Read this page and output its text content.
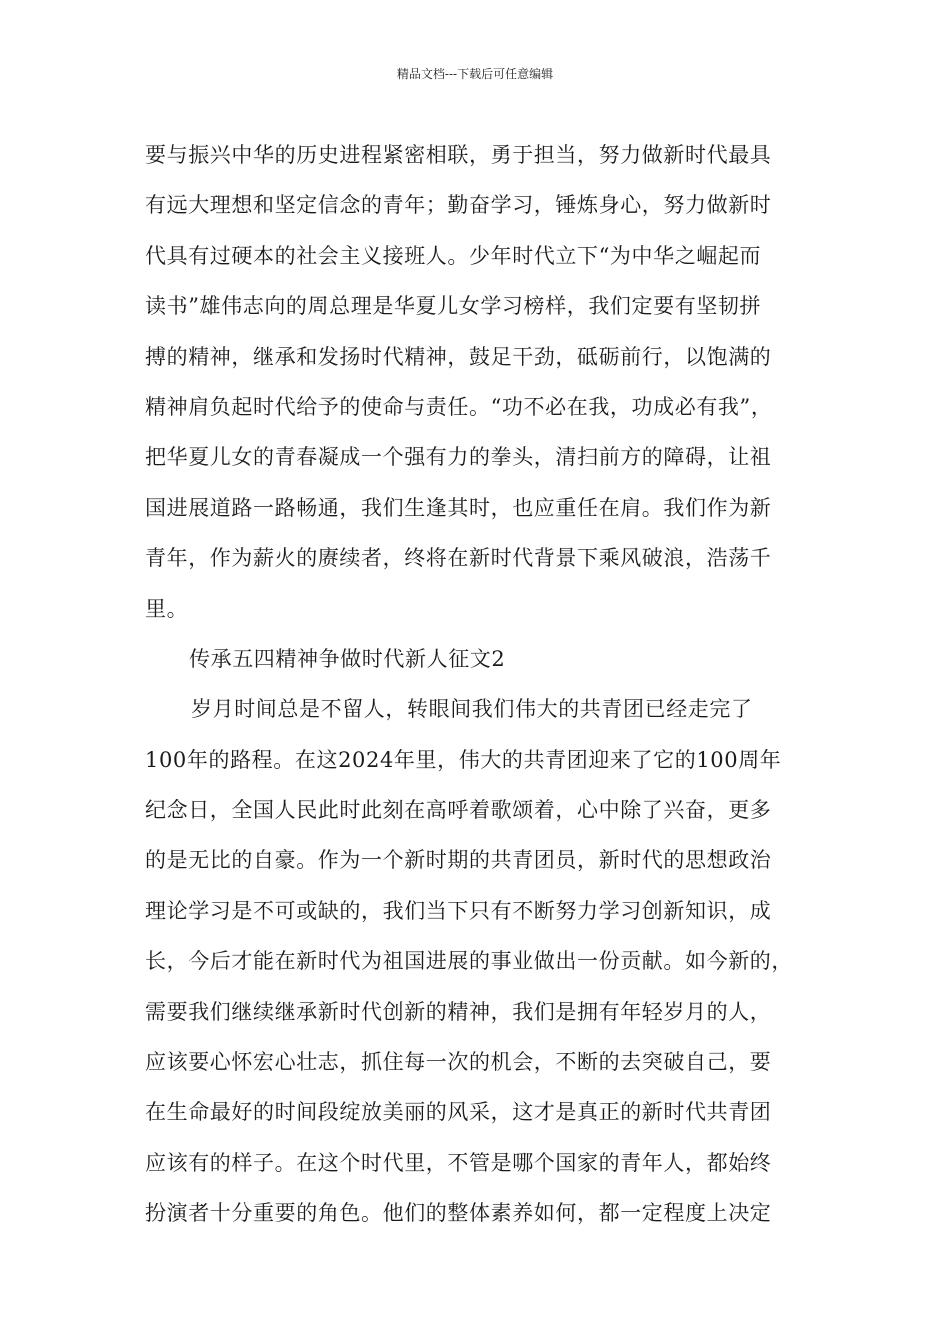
精品文档---下载后可任意编辑
要与振兴中华的历史进程紧密相联，勇于担当，努力做新时代最具
有远大理想和坚定信念的青年；勤奋学习，锤炼身心，努力做新时
代具有过硬本的社会主义接班人。少年时代立下“为中华之崛起而
读书”雄伟志向的周总理是华夏儿女学习榜样，我们定要有坚韧拼
搏的精神，继承和发扬时代精神，鼓足干劲，砥砺前行，以饱满的
精神肩负起时代给予的使命与责任。“功不必在我，功成必有我”，
把华夏儿女的青春凝成一个强有力的拳头，清扫前方的障碍，让祖
国进展道路一路畅通，我们生逢其时，也应重任在肩。我们作为新
青年，作为薪火的赓续者，终将在新时代背景下乘风破浪，浩荡千
里。
传承五四精神争做时代新人征文2
岁月时间总是不留人，转眼间我们伟大的共青团已经走完了
100年的路程。在这2024年里，伟大的共青团迎来了它的100周年
纪念日，全国人民此时此刻在高呼着歌颂着，心中除了兴奋，更多
的是无比的自豪。作为一个新时期的共青团员，新时代的思想政治
理论学习是不可或缺的，我们当下只有不断努力学习创新知识，成
长，今后才能在新时代为祖国进展的事业做出一份贡献。如今新的，
需要我们继续继承新时代创新的精神，我们是拥有年轻岁月的人，
应该要心怀宏心壮志，抓住每一次的机会，不断的去突破自己，要
在生命最好的时间段绽放美丽的风采，这才是真正的新时代共青团
应该有的样子。在这个时代里，不管是哪个国家的青年人，都始终
扮演者十分重要的角色。他们的整体素养如何，都一定程度上决定
